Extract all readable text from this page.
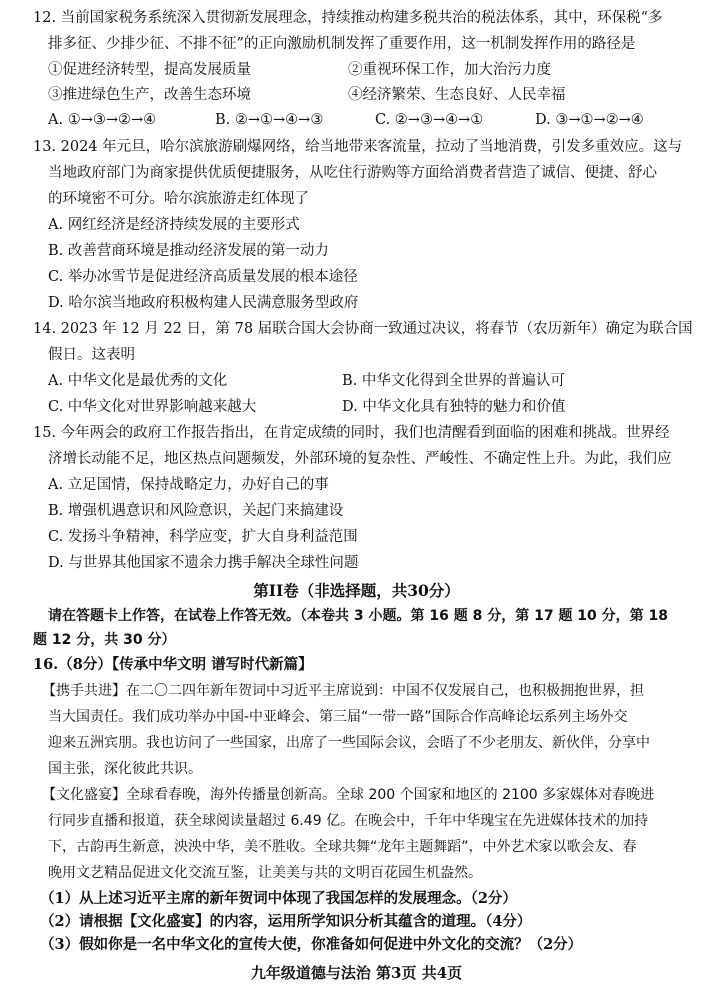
12. 当前国家税务系统深入贯彻新发展理念，持续推动构建多税共治的税法体系，其中，环保税“多
排多征、少排少征、不排不征”的正向激励机制发挥了重要作用，这一机制发挥作用的路径是
①促进经济转型，提高发展质量	②重视环保工作，加大治污力度
③推进绿色生产，改善生态环境	④经济繁荣、生态良好、人民幸福
A. ①→③→②→④	B. ②→①→④→③	C. ②→③→④→①	D. ③→①→②→④
13. 2024 年元旦，哈尔滨旅游刷爆网络，给当地带来客流量，拉动了当地消费，引发多重效应。这与
当地政府部门为商家提供优质便捷服务，从吃住行游购等方面给消费者营造了诚信、便捷、舒心
的环境密不可分。哈尔滨旅游走红体现了
A. 网红经济是经济持续发展的主要形式
B. 改善营商环境是推动经济发展的第一动力
C. 举办冰雪节是促进经济高质量发展的根本途径
D. 哈尔滨当地政府积极构建人民满意服务型政府
14. 2023 年 12 月 22 日，第 78 届联合国大会协商一致通过决议，将春节（农历新年）确定为联合国
假日。这表明
A. 中华文化是最优秀的文化	B. 中华文化得到全世界的普遍认可
C. 中华文化对世界影响越来越大	D. 中华文化具有独特的魅力和价值
15. 今年两会的政府工作报告指出，在肯定成绩的同时，我们也清醒看到面临的困难和挑战。世界经
济增长动能不足，地区热点问题频发，外部环境的复杂性、严峻性、不确定性上升。为此，我们应
A. 立足国情，保持战略定力，办好自己的事
B. 增强机遇意识和风险意识，关起门来搞建设
C. 发扬斗争精神，科学应变，扩大自身利益范围
D. 与世界其他国家不遗余力携手解决全球性问题
第II卷（非选择题，共30分）
请在答题卡上作答，在试卷上作答无效。（本卷共 3 小题。第 16 题 8 分，第 17 题 10 分，第 18
题 12 分，共 30 分）
16.（8分）【传承中华文明 谱写时代新篇】
【携手共进】在二〇二四年新年贺词中习近平主席说到：中国不仅发展自己，也积极拥抱世界，担
当大国责任。我们成功举办中国-中亚峰会、第三届“一带一路”国际合作高峰论坛系列主场外交
迎来五洲宾朋。我也访问了一些国家，出席了一些国际会议，会晤了不少老朋友、新伙伴，分享中
国主张，深化彼此共识。
【文化盛宴】全球看春晚，海外传播量创新高。全球 200 个国家和地区的 2100 多家媒体对春晚进
行同步直播和报道，获全球阅读量超过 6.49 亿。在晚会中，千年中华瑰宝在先进媒体技术的加持
下，古韵再生新意，泱泱中华，美不胜收。全球共舞“龙年主题舞蹈”，中外艺术家以歌会友、春
晚用文艺精品促进文化交流互鉴，让美美与共的文明百花园生机盎然。
（1）从上述习近平主席的新年贺词中体现了我国怎样的发展理念。（2分）
（2）请根据【文化盛宴】的内容，运用所学知识分析其蕴含的道理。（4分）
（3）假如你是一名中华文化的宣传大使，你准备如何促进中外文化的交流？（2分）
九年级道德与法治 第3页 共4页
